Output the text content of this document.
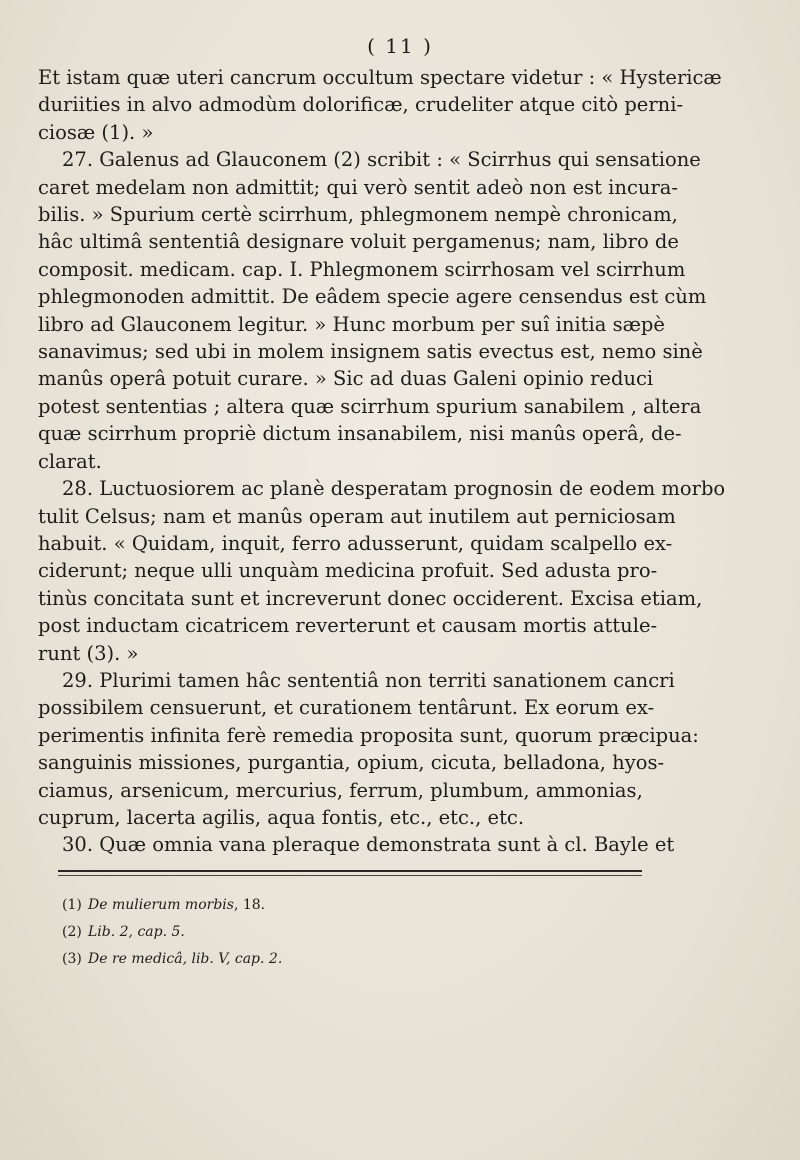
( 11 )
Et istam quæ uteri cancrum occultum spectare videtur : « Hystericæ
duriities in alvo admodùm dolorificæ, crudeliter atque citò perni-
ciosæ (1). »
27. Galenus ad Glauconem (2) scribit : « Scirrhus qui sensatione
caret medelam non admittit; qui verò sentit adeò non est incura-
bilis. » Spurium certè scirrhum, phlegmonem nempè chronicam,
hâc ultimâ sententiâ designare voluit pergamenus; nam, libro de
composit. medicam. cap. I. Phlegmonem scirrhosam vel scirrhum
phlegmonoden admittit. De eâdem specie agere censendus est cùm
libro ad Glauconem legitur. » Hunc morbum per suî initia sæpè
sanavimus; sed ubi in molem insignem satis evectus est, nemo sinè
manûs operâ potuit curare. » Sic ad duas Galeni opinio reduci
potest sententias ; altera quæ scirrhum spurium sanabilem , altera
quæ scirrhum propriè dictum insanabilem, nisi manûs operâ, de-
clarat.
28. Luctuosiorem ac planè desperatam prognosin de eodem morbo
tulit Celsus; nam et manûs operam aut inutilem aut perniciosam
habuit. « Quidam, inquit, ferro adusserunt, quidam scalpello ex-
ciderunt; neque ulli unquàm medicina profuit. Sed adusta pro-
tinùs concitata sunt et increverunt donec occiderent. Excisa etiam,
post inductam cicatricem reverterunt et causam mortis attule-
runt (3). »
29. Plurimi tamen hâc sententiâ non territi sanationem cancri
possibilem censuerunt, et curationem tentârunt. Ex eorum ex-
perimentis infinita ferè remedia proposita sunt, quorum præcipua:
sanguinis missiones, purgantia, opium, cicuta, belladona, hyos-
ciamus, arsenicum, mercurius, ferrum, plumbum, ammonias,
cuprum, lacerta agilis, aqua fontis, etc., etc., etc.
30. Quæ omnia vana pleraque demonstrata sunt à cl. Bayle et
(1) De mulierum morbis, 18.
(2) Lib. 2, cap. 5.
(3) De re medicâ, lib. V, cap. 2.
